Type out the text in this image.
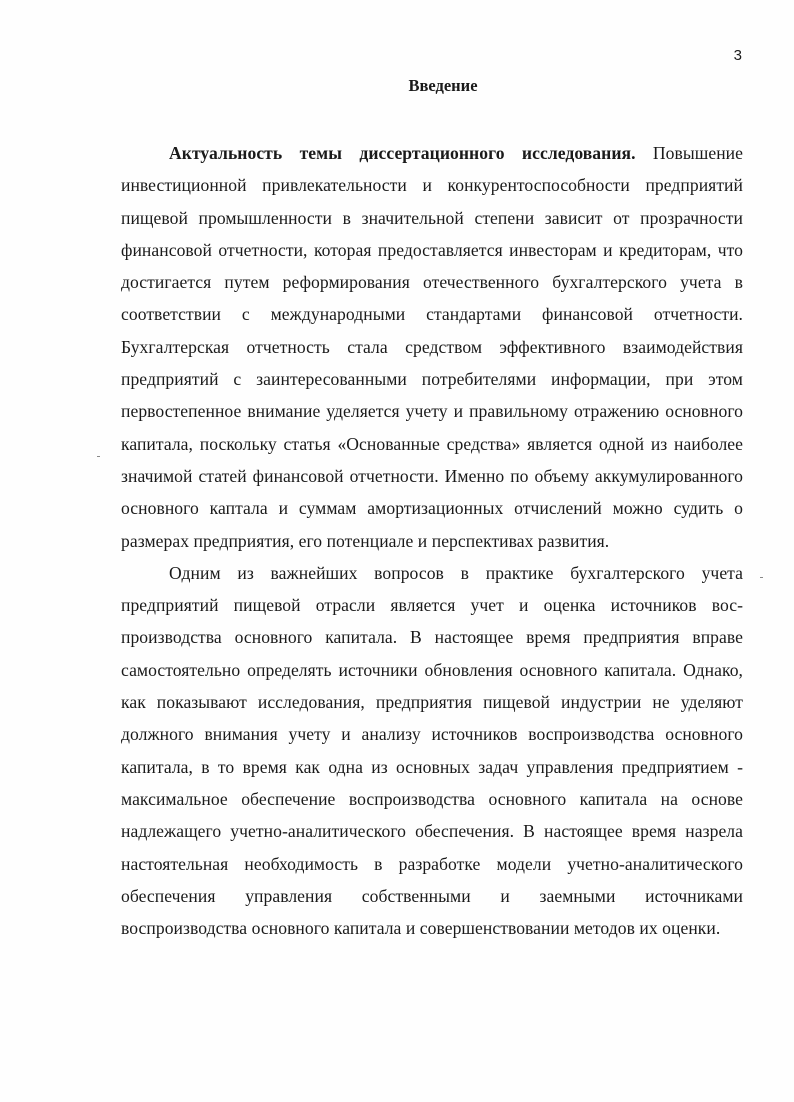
3
Введение

Актуальность темы диссертационного исследования. Повышение инвестиционной привлекательности и конкурентоспособности предприятий пищевой промышленности в значительной степени зависит от прозрачности финансовой отчетности, которая предоставляется инвесторам и кредиторам, что достигается путем реформирования отечественного бухгалтерского учета в соответствии с международными стандартами финансовой отчетности. Бухгалтерская отчетность стала средством эффективного взаимодействия предприятий с заинтересованными потребителями информации, при этом первостепенное внимание уделяется учету и правильному отражению основного капитала, поскольку статья «Основанные средства» является одной из наиболее значимой статей финансовой отчетности. Именно по объему аккумулированного основного каптала и суммам амортизационных отчислений можно судить о размерах предприятия, его потенциале и перспективах развития.

Одним из важнейших вопросов в практике бухгалтерского учета предприятий пищевой отрасли является учет и оценка источников воспроизводства основного капитала. В настоящее время предприятия вправе самостоятельно определять источники обновления основного капитала. Однако, как показывают исследования, предприятия пищевой индустрии не уделяют должного внимания учету и анализу источников воспроизводства основного капитала, в то время как одна из основных задач управления предприятием - максимальное обеспечение воспроизводства основного капитала на основе надлежащего учетно-аналитического обеспечения. В настоящее время назрела настоятельная необходимость в разработке модели учетно-аналитического обеспечения управления собственными и заемными источниками воспроизводства основного капитала и совершенствовании методов их оценки.
